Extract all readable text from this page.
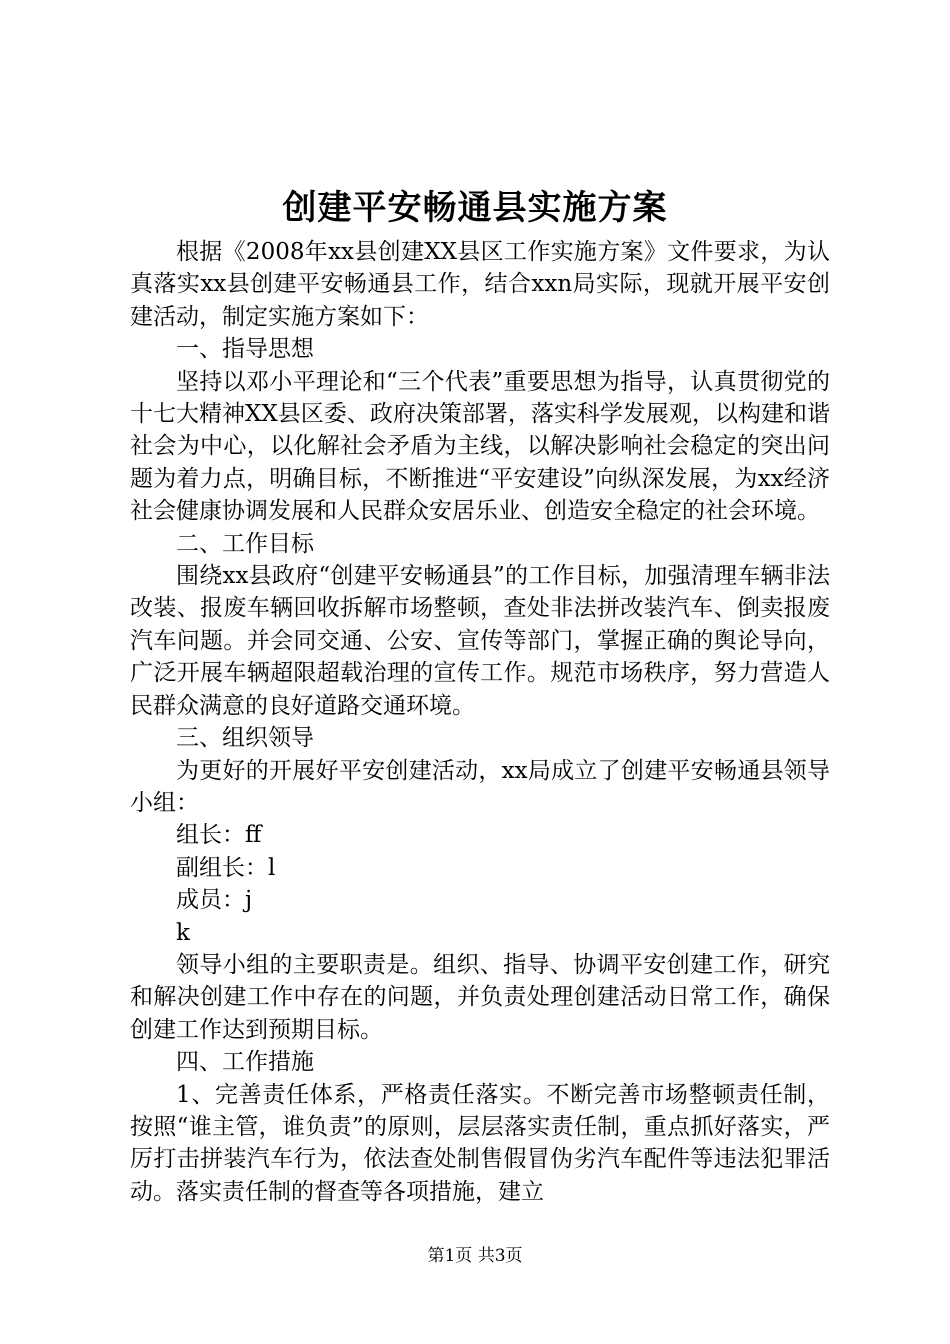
创建平安畅通县实施方案

根据《2008年xx县创建XX县区工作实施方案》文件要求，为认真落实xx县创建平安畅通县工作，结合xxn局实际，现就开展平安创建活动，制定实施方案如下：

一、指导思想

坚持以邓小平理论和“三个代表”重要思想为指导，认真贯彻党的十七大精神XX县区委、政府决策部署，落实科学发展观，以构建和谐社会为中心，以化解社会矛盾为主线，以解决影响社会稳定的突出问题为着力点，明确目标，不断推进“平安建设”向纵深发展，为xx经济社会健康协调发展和人民群众安居乐业、创造安全稳定的社会环境。

二、工作目标

围绕xx县政府“创建平安畅通县”的工作目标，加强清理车辆非法改装、报废车辆回收拆解市场整顿，查处非法拼改装汽车、倒卖报废汽车问题。并会同交通、公安、宣传等部门，掌握正确的舆论导向，广泛开展车辆超限超载治理的宣传工作。规范市场秩序，努力营造人民群众满意的良好道路交通环境。

三、组织领导

为更好的开展好平安创建活动，xx局成立了创建平安畅通县领导小组：

组长：ff

副组长：l

成员：j

k

领导小组的主要职责是。组织、指导、协调平安创建工作，研究和解决创建工作中存在的问题，并负责处理创建活动日常工作，确保创建工作达到预期目标。

四、工作措施

1、完善责任体系，严格责任落实。不断完善市场整顿责任制，按照“谁主管，谁负责”的原则，层层落实责任制，重点抓好落实，严厉打击拼装汽车行为，依法查处制售假冒伪劣汽车配件等违法犯罪活动。落实责任制的督查等各项措施，建立

第1页 共3页
